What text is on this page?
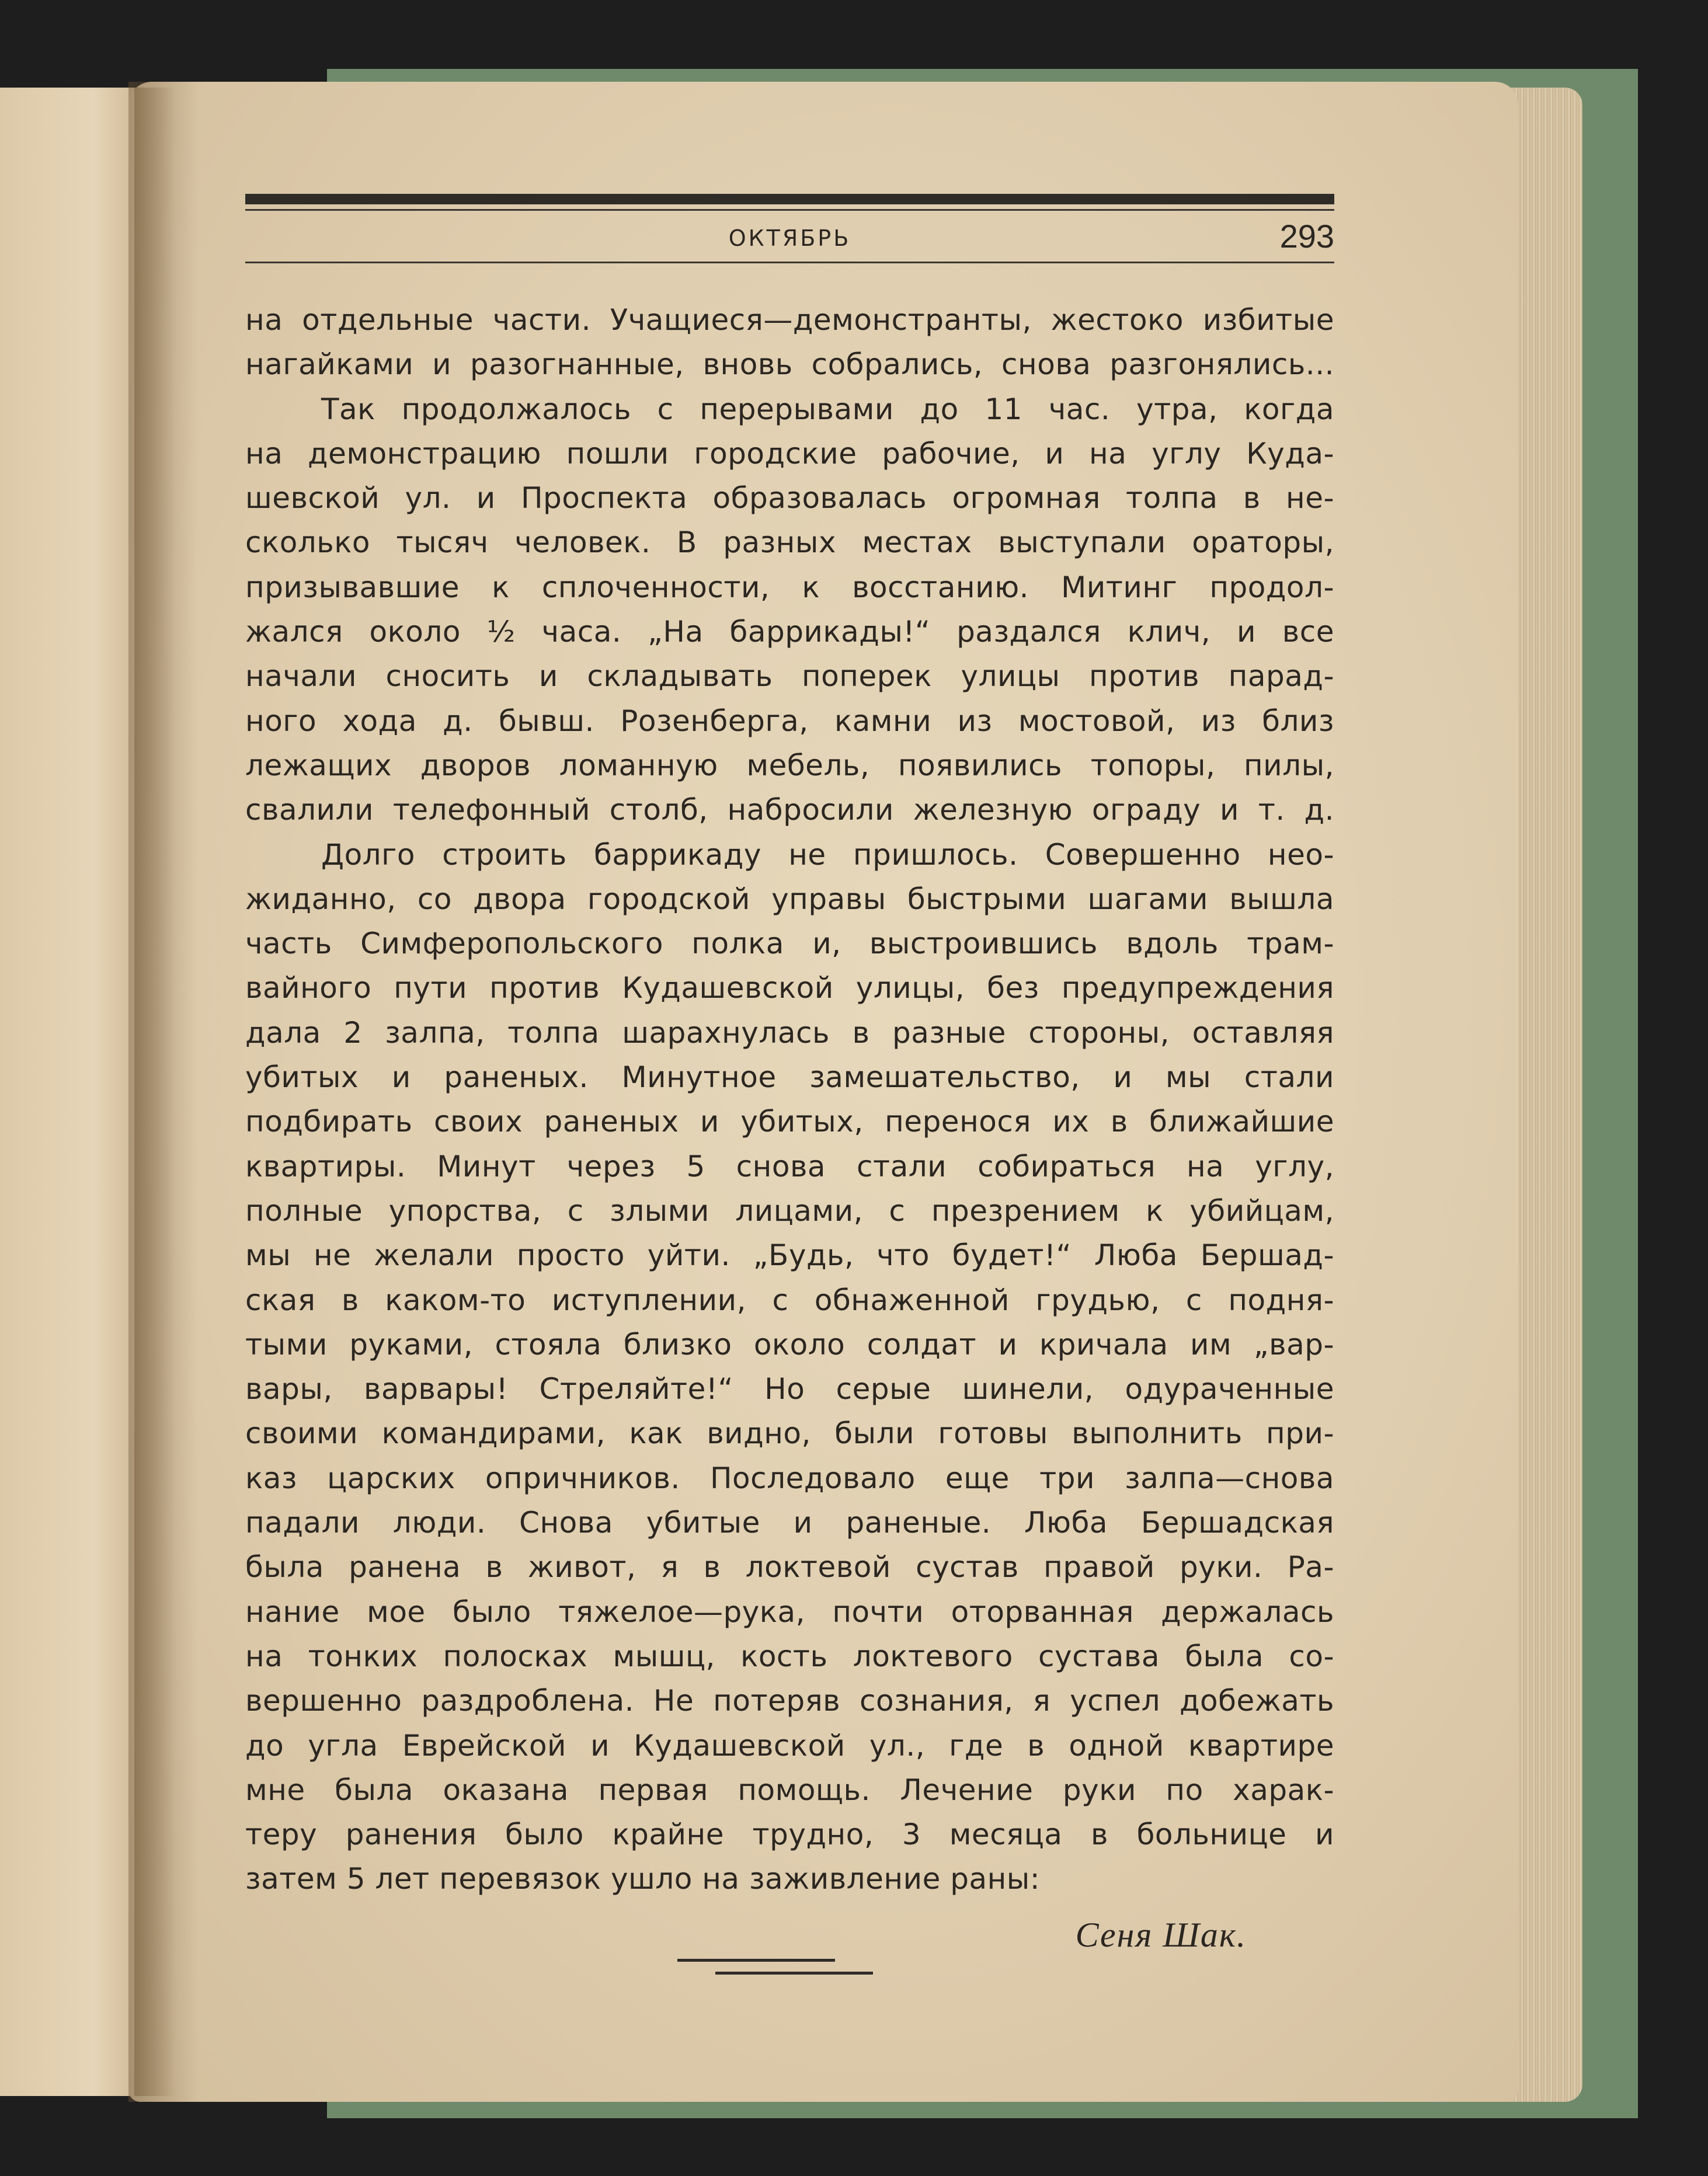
ОКТЯБРЬ	293
на отдельные части. Учащиеся—демонстранты, жестоко избитые
нагайками и разогнанные, вновь собрались, снова разгонялись...
Так продолжалось с перерывами до 11 час. утра, когда
на демонстрацию пошли городские рабочие, и на углу Куда-
шевской ул. и Проспекта образовалась огромная толпа в не-
сколько тысяч человек. В разных местах выступали ораторы,
призывавшие к сплоченности, к восстанию. Митинг продол-
жался около ½ часа. „На баррикады!“ раздался клич, и все
начали сносить и складывать поперек улицы против парад-
ного хода д. бывш. Розенберга, камни из мостовой, из близ
лежащих дворов ломанную мебель, появились топоры, пилы,
свалили телефонный столб, набросили железную ограду и т. д.
Долго строить баррикаду не пришлось. Совершенно нео-
жиданно, со двора городской управы быстрыми шагами вышла
часть Симферопольского полка и, выстроившись вдоль трам-
вайного пути против Кудашевской улицы, без предупреждения
дала 2 залпа, толпа шарахнулась в разные стороны, оставляя
убитых и раненых. Минутное замешательство, и мы стали
подбирать своих раненых и убитых, перенося их в ближайшие
квартиры. Минут через 5 снова стали собираться на углу,
полные упорства, с злыми лицами, с презрением к убийцам,
мы не желали просто уйти. „Будь, что будет!“ Люба Бершад-
ская в каком-то иступлении, с обнаженной грудью, с подня-
тыми руками, стояла близко около солдат и кричала им „вар-
вары, варвары! Стреляйте!“ Но серые шинели, одураченные
своими командирами, как видно, были готовы выполнить при-
каз царских опричников. Последовало еще три залпа—снова
падали люди. Снова убитые и раненые. Люба Бершадская
была ранена в живот, я в локтевой сустав правой руки. Ра-
нание мое было тяжелое—рука, почти оторванная держалась
на тонких полосках мышц, кость локтевого сустава была со-
вершенно раздроблена. Не потеряв сознания, я успел добежать
до угла Еврейской и Кудашевской ул., где в одной квартире
мне была оказана первая помощь. Лечение руки по харак-
теру ранения было крайне трудно, 3 месяца в больнице и
затем 5 лет перевязок ушло на заживление раны:
Сеня Шак.
